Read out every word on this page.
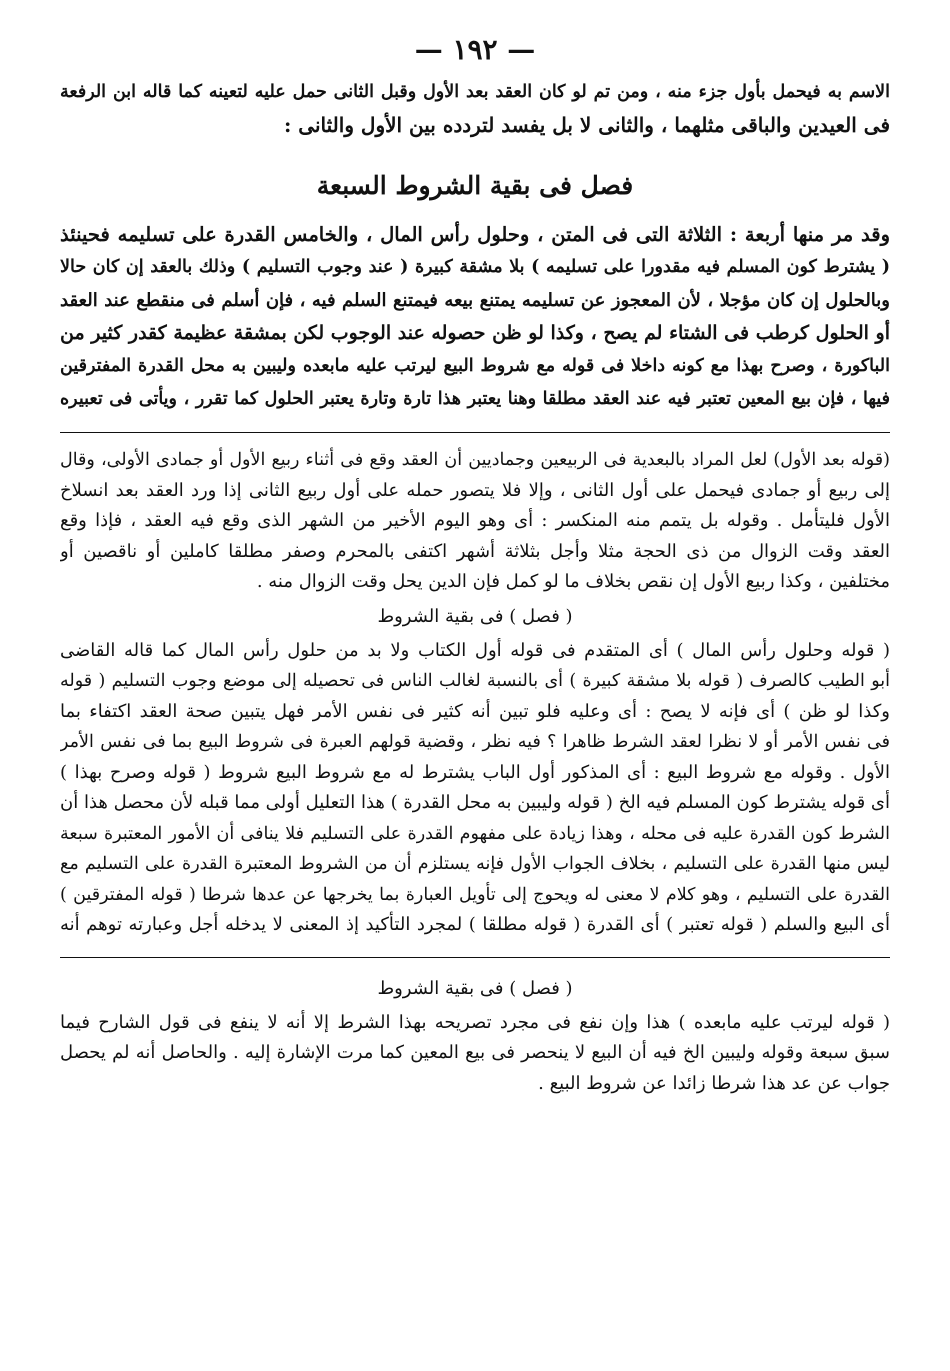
— ١٩٢ —
الاسم به فيحمل بأول جزء منه ، ومن تم لو كان العقد بعد الأول وقبل الثانى حمل عليه لتعينه كما قاله ابن الرفعة
فى العيدين والباقى مثلهما ، والثانى لا بل يفسد لتردده بين الأول والثانى :
فصل فى بقية الشروط السبعة
وقد مر منها أربعة : الثلاثة التى فى المتن ، وحلول رأس المال ، والخامس القدرة على تسليمه فحينئذ
( يشترط كون المسلم فيه مقدورا على تسليمه ) بلا مشقة كبيرة ( عند وجوب التسليم ) وذلك بالعقد إن كان حالا
وبالحلول إن كان مؤجلا ، لأن المعجوز عن تسليمه يمتنع بيعه فيمتنع السلم فيه ، فإن أسلم فى منقطع عند العقد
أو الحلول كرطب فى الشتاء لم يصح ، وكذا لو ظن حصوله عند الوجوب لكن بمشقة عظيمة كقدر كثير من
الباكورة ، وصرح بهذا مع كونه داخلا فى قوله مع شروط البيع ليرتب عليه مابعده وليبين به محل القدرة المفترقين
فيها ، فإن بيع المعين تعتبر فيه عند العقد مطلقا وهنا يعتبر هذا تارة وتارة يعتبر الحلول كما تقرر ، ويأتى فى تعبيره
(قوله بعد الأول) لعل المراد بالبعدية فى الربيعين وجماديين أن العقد وقع فى أثناء ربيع الأول أو جمادى الأولى، وقال
إلى ربيع أو جمادى فيحمل على أول الثانى ، وإلا فلا يتصور حمله على أول ربيع الثانى إذا ورد العقد بعد انسلاخ
الأول فليتأمل . وقوله بل يتمم منه المنكسر : أى وهو اليوم الأخير من الشهر الذى وقع فيه العقد ، فإذا وقع
العقد وقت الزوال من ذى الحجة مثلا وأجل بثلاثة أشهر اكتفى بالمحرم وصفر مطلقا كاملين أو ناقصين أو
مختلفين ، وكذا ربيع الأول إن نقص بخلاف ما لو كمل فإن الدين يحل وقت الزوال منه .
( فصل ) فى بقية الشروط
( قوله وحلول رأس المال ) أى المتقدم فى قوله أول الكتاب ولا بد من حلول رأس المال كما قاله القاضى
أبو الطيب كالصرف ( قوله بلا مشقة كبيرة ) أى بالنسبة لغالب الناس فى تحصيله إلى موضع وجوب التسليم ( قوله
وكذا لو ظن ) أى فإنه لا يصح : أى وعليه فلو تبين أنه كثير فى نفس الأمر فهل يتبين صحة العقد اكتفاء بما
فى نفس الأمر أو لا نظرا لعقد الشرط ظاهرا ؟ فيه نظر ، وقضية قولهم العبرة فى شروط البيع بما فى نفس الأمر
الأول . وقوله مع شروط البيع : أى المذكور أول الباب يشترط له مع شروط البيع شروط ( قوله وصرح بهذا )
أى قوله يشترط كون المسلم فيه الخ ( قوله وليبين به محل القدرة ) هذا التعليل أولى مما قبله لأن محصل هذا أن
الشرط كون القدرة عليه فى محله ، وهذا زيادة على مفهوم القدرة على التسليم فلا ينافى أن الأمور المعتبرة سبعة
ليس منها القدرة على التسليم ، بخلاف الجواب الأول فإنه يستلزم أن من الشروط المعتبرة القدرة على التسليم مع
القدرة على التسليم ، وهو كلام لا معنى له ويحوج إلى تأويل العبارة بما يخرجها عن عدها شرطا ( قوله المفترقين )
أى البيع والسلم ( قوله تعتبر ) أى القدرة ( قوله مطلقا ) لمجرد التأكيد إذ المعنى لا يدخله أجل وعبارته توهم أنه
( فصل ) فى بقية الشروط
( قوله ليرتب عليه مابعده ) هذا وإن نفع فى مجرد تصريحه بهذا الشرط إلا أنه لا ينفع فى قول الشارح فيما
سبق سبعة وقوله وليبين الخ فيه أن البيع لا ينحصر فى بيع المعين كما مرت الإشارة إليه . والحاصل أنه لم يحصل
جواب عن عد هذا شرطا زائدا عن شروط البيع .
